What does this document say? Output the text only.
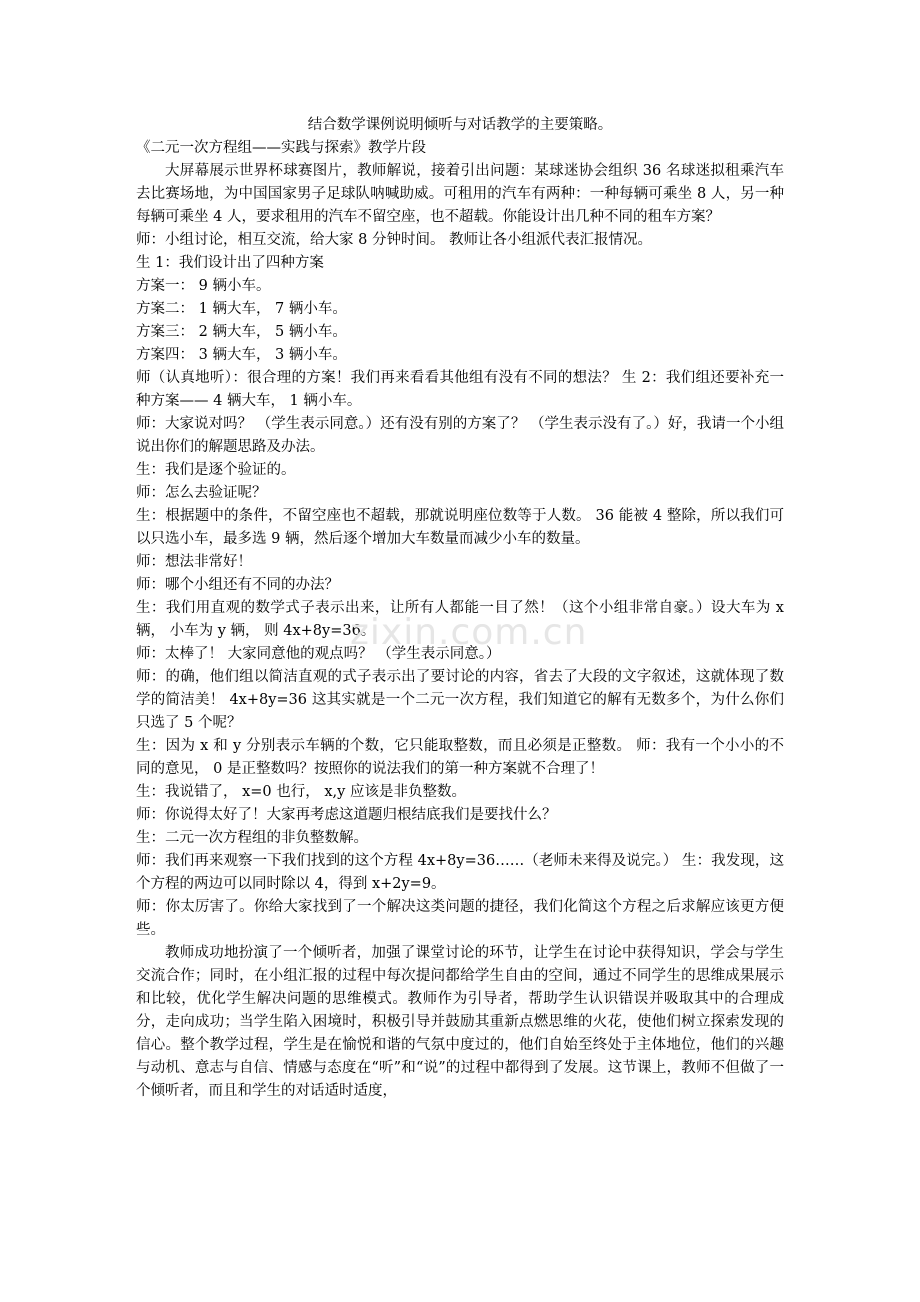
结合数学课例说明倾听与对话教学的主要策略。

《二元一次方程组——实践与探索》教学片段

大屏幕展示世界杯球赛图片，教师解说，接着引出问题：某球迷协会组织 36 名球迷拟租乘汽车去比赛场地，为中国国家男子足球队呐喊助威。可租用的汽车有两种：一种每辆可乘坐 8 人，另一种每辆可乘坐 4 人，要求租用的汽车不留空座，也不超载。你能设计出几种不同的租车方案？

师：小组讨论，相互交流，给大家 8 分钟时间。 教师让各小组派代表汇报情况。

生 1：我们设计出了四种方案

方案一： 9 辆小车。

方案二： 1 辆大车， 7 辆小车。

方案三： 2 辆大车， 5 辆小车。

方案四： 3 辆大车， 3 辆小车。

师（认真地听）：很合理的方案！我们再来看看其他组有没有不同的想法？ 生 2：我们组还要补充一种方案—— 4 辆大车， 1 辆小车。

师：大家说对吗？ （学生表示同意。）还有没有别的方案了？ （学生表示没有了。）好，我请一个小组说出你们的解题思路及办法。

生：我们是逐个验证的。

师：怎么去验证呢？

生：根据题中的条件，不留空座也不超载，那就说明座位数等于人数。 36 能被 4 整除，所以我们可以只选小车，最多选 9 辆，然后逐个增加大车数量而减少小车的数量。

师：想法非常好！

师：哪个小组还有不同的办法？

生：我们用直观的数学式子表示出来，让所有人都能一目了然！（这个小组非常自豪。）设大车为 x 辆， 小车为 y 辆， 则 4x+8y=36。

师：太棒了！ 大家同意他的观点吗？ （学生表示同意。）

师：的确，他们组以简洁直观的式子表示出了要讨论的内容，省去了大段的文字叙述，这就体现了数学的简洁美！ 4x+8y=36 这其实就是一个二元一次方程，我们知道它的解有无数多个，为什么你们只选了 5 个呢？

生：因为 x 和 y 分别表示车辆的个数，它只能取整数，而且必须是正整数。 师：我有一个小小的不同的意见， 0 是正整数吗？按照你的说法我们的第一种方案就不合理了！

生：我说错了， x=0 也行， x,y 应该是非负整数。

师：你说得太好了！大家再考虑这道题归根结底我们是要找什么？

生：二元一次方程组的非负整数解。

师：我们再来观察一下我们找到的这个方程 4x+8y=36……（老师未来得及说完。） 生：我发现，这个方程的两边可以同时除以 4，得到 x+2y=9。

师：你太厉害了。你给大家找到了一个解决这类问题的捷径，我们化简这个方程之后求解应该更方便些。

教师成功地扮演了一个倾听者，加强了课堂讨论的环节，让学生在讨论中获得知识，学会与学生交流合作；同时，在小组汇报的过程中每次提问都给学生自由的空间，通过不同学生的思维成果展示和比较，优化学生解决问题的思维模式。教师作为引导者，帮助学生认识错误并吸取其中的合理成分，走向成功；当学生陷入困境时，积极引导并鼓励其重新点燃思维的火花，使他们树立探索发现的信心。整个教学过程，学生是在愉悦和谐的气氛中度过的，他们自始至终处于主体地位，他们的兴趣与动机、意志与自信、情感与态度在“听”和“说”的过程中都得到了发展。这节课上，教师不但做了一个倾听者，而且和学生的对话适时适度，

zixin.com.cn
